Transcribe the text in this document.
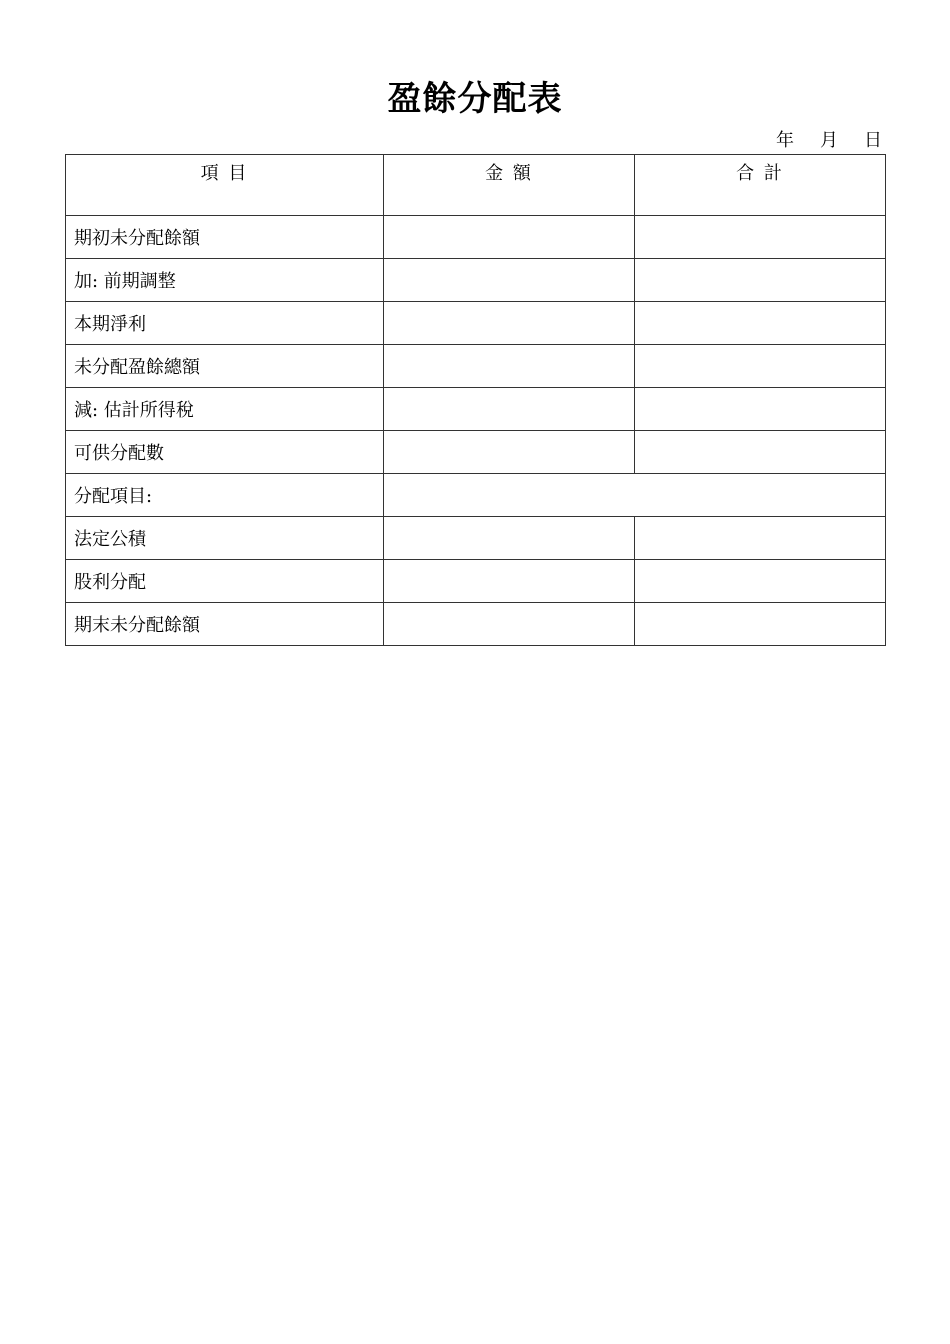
盈餘分配表
年 月 日
項 目	金 額	合 計
期初未分配餘額		
加: 前期調整		
本期淨利		
未分配盈餘總額		
減: 估計所得稅		
可供分配數		
分配項目:		
法定公積		
股利分配		
期末未分配餘額		
